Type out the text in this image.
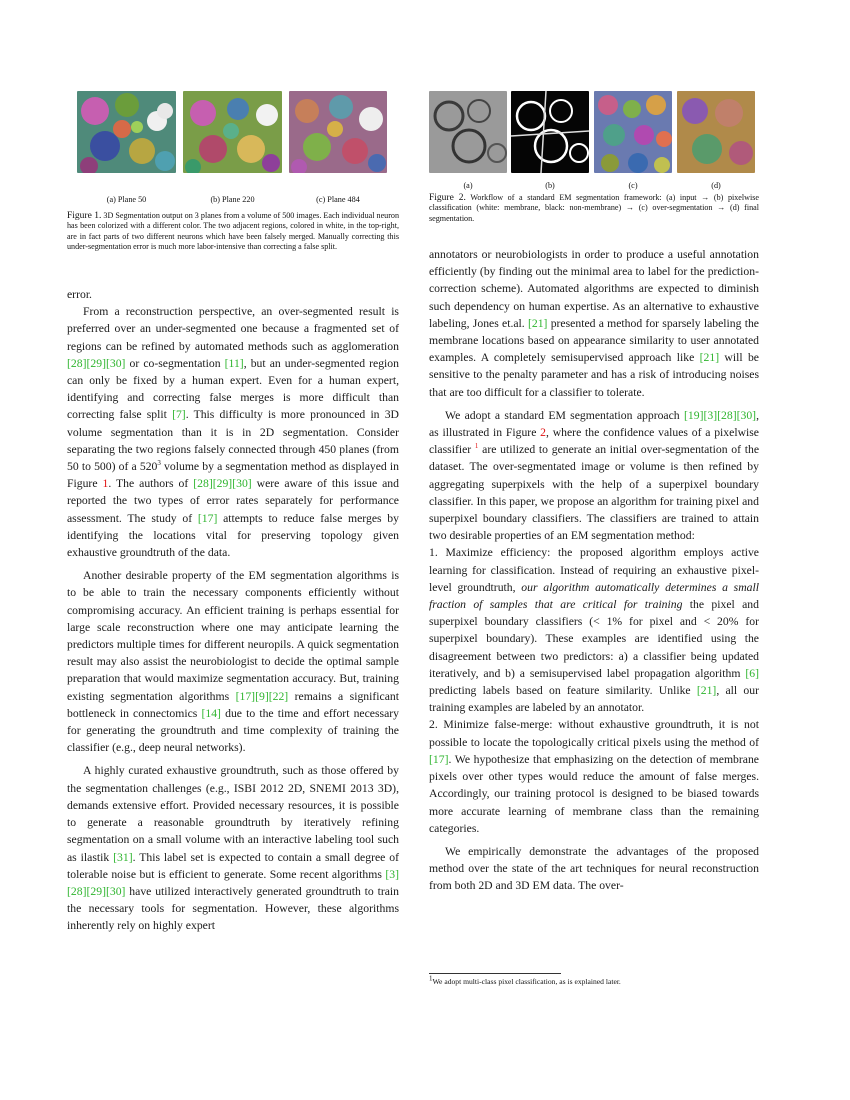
(a) Plane 50	(b) Plane 220	(c) Plane 484
Figure 1. 3D Segmentation output on 3 planes from a volume of 500 images. Each individual neuron has been colorized with a different color. The two adjacent regions, colored in white, in the top-right, are in fact parts of two different neurons which have been falsely merged. Manually correcting this under-segmentation error is much more labor-intensive than correcting a false split.
(a)	(b)	(c)	(d)
Figure 2. Workflow of a standard EM segmentation framework: (a) input → (b) pixelwise classification (white: membrane, black: non-membrane) → (c) over-segmentation → (d) final segmentation.

error.

From a reconstruction perspective, an over-segmented result is preferred over an under-segmented one because a fragmented set of regions can be refined by automated methods such as agglomeration [28][29][30] or co-segmentation [11], but an under-segmented region can only be fixed by a human expert. Even for a human expert, identifying and correcting false merges is more difficult than correcting false split [7]. This difficulty is more pronounced in 3D volume segmentation than it is in 2D segmentation. Consider separating the two regions falsely connected through 450 planes (from 50 to 500) of a $520^3$ volume by a segmentation method as displayed in Figure 1. The authors of [28][29][30] were aware of this issue and reported the two types of error rates separately for performance assessment. The study of [17] attempts to reduce false merges by identifying the locations vital for preserving topology given exhaustive groundtruth of the data.

Another desirable property of the EM segmentation algorithms is to be able to train the necessary components efficiently without compromising accuracy. An efficient training is perhaps essential for large scale reconstruction where one may anticipate learning the predictors multiple times for different neuropils. A quick segmentation result may also assist the neurobiologist to decide the optimal sample preparation that would maximize segmentation accuracy. But, training existing segmentation algorithms [17][9][22] remains a significant bottleneck in connectomics [14] due to the time and effort necessary for generating the groundtruth and time complexity of training the classifier (e.g., deep neural networks).

A highly curated exhaustive groundtruth, such as those offered by the segmentation challenges (e.g., ISBI 2012 2D, SNEMI 2013 3D), demands extensive effort. Provided necessary resources, it is possible to generate a reasonable groundtruth by iteratively refining segmentation on a small volume with an interactive labeling tool such as ilastik [31]. This label set is expected to contain a small degree of tolerable noise but is efficient to generate. Some recent algorithms [3][28][29][30] have utilized interactively generated groundtruth to train the necessary tools for segmentation. However, these algorithms inherently rely on highly expert

annotators or neurobiologists in order to produce a useful annotation efficiently (by finding out the minimal area to label for the prediction-correction scheme). Automated algorithms are expected to diminish such dependency on human expertise. As an alternative to exhaustive labeling, Jones et.al. [21] presented a method for sparsely labeling the membrane locations based on appearance similarity to user annotated examples. A completely semisupervised approach like [21] will be sensitive to the penalty parameter and has a risk of introducing noises that are too difficult for a classifier to tolerate.

We adopt a standard EM segmentation approach [19][3][28][30], as illustrated in Figure 2, where the confidence values of a pixelwise classifier $^1$ are utilized to generate an initial over-segmentation of the dataset. The over-segmentated image or volume is then refined by aggregating superpixels with the help of a superpixel boundary classifier. In this paper, we propose an algorithm for training pixel and superpixel boundary classifiers. The classifiers are trained to attain two desirable properties of an EM segmentation method:

1. Maximize efficiency: the proposed algorithm employs active learning for classification. Instead of requiring an exhaustive pixel-level groundtruth, our algorithm automatically determines a small fraction of samples that are critical for training the pixel and superpixel boundary classifiers (< 1% for pixel and < 20% for superpixel boundary). These examples are identified using the disagreement between two predictors: a) a classifier being updated iteratively, and b) a semisupervised label propagation algorithm [6] predicting labels based on feature similarity. Unlike [21], all our training examples are labeled by an annotator.

2. Minimize false-merge: without exhaustive groundtruth, it is not possible to locate the topologically critical pixels using the method of [17]. We hypothesize that emphasizing on the detection of membrane pixels over other types would reduce the amount of false merges. Accordingly, our training protocol is designed to be biased towards more accurate learning of membrane class than the remaining categories.

We empirically demonstrate the advantages of the proposed method over the state of the art techniques for neural reconstruction from both 2D and 3D EM data. The over-

$^1$We adopt multi-class pixel classification, as is explained later.
